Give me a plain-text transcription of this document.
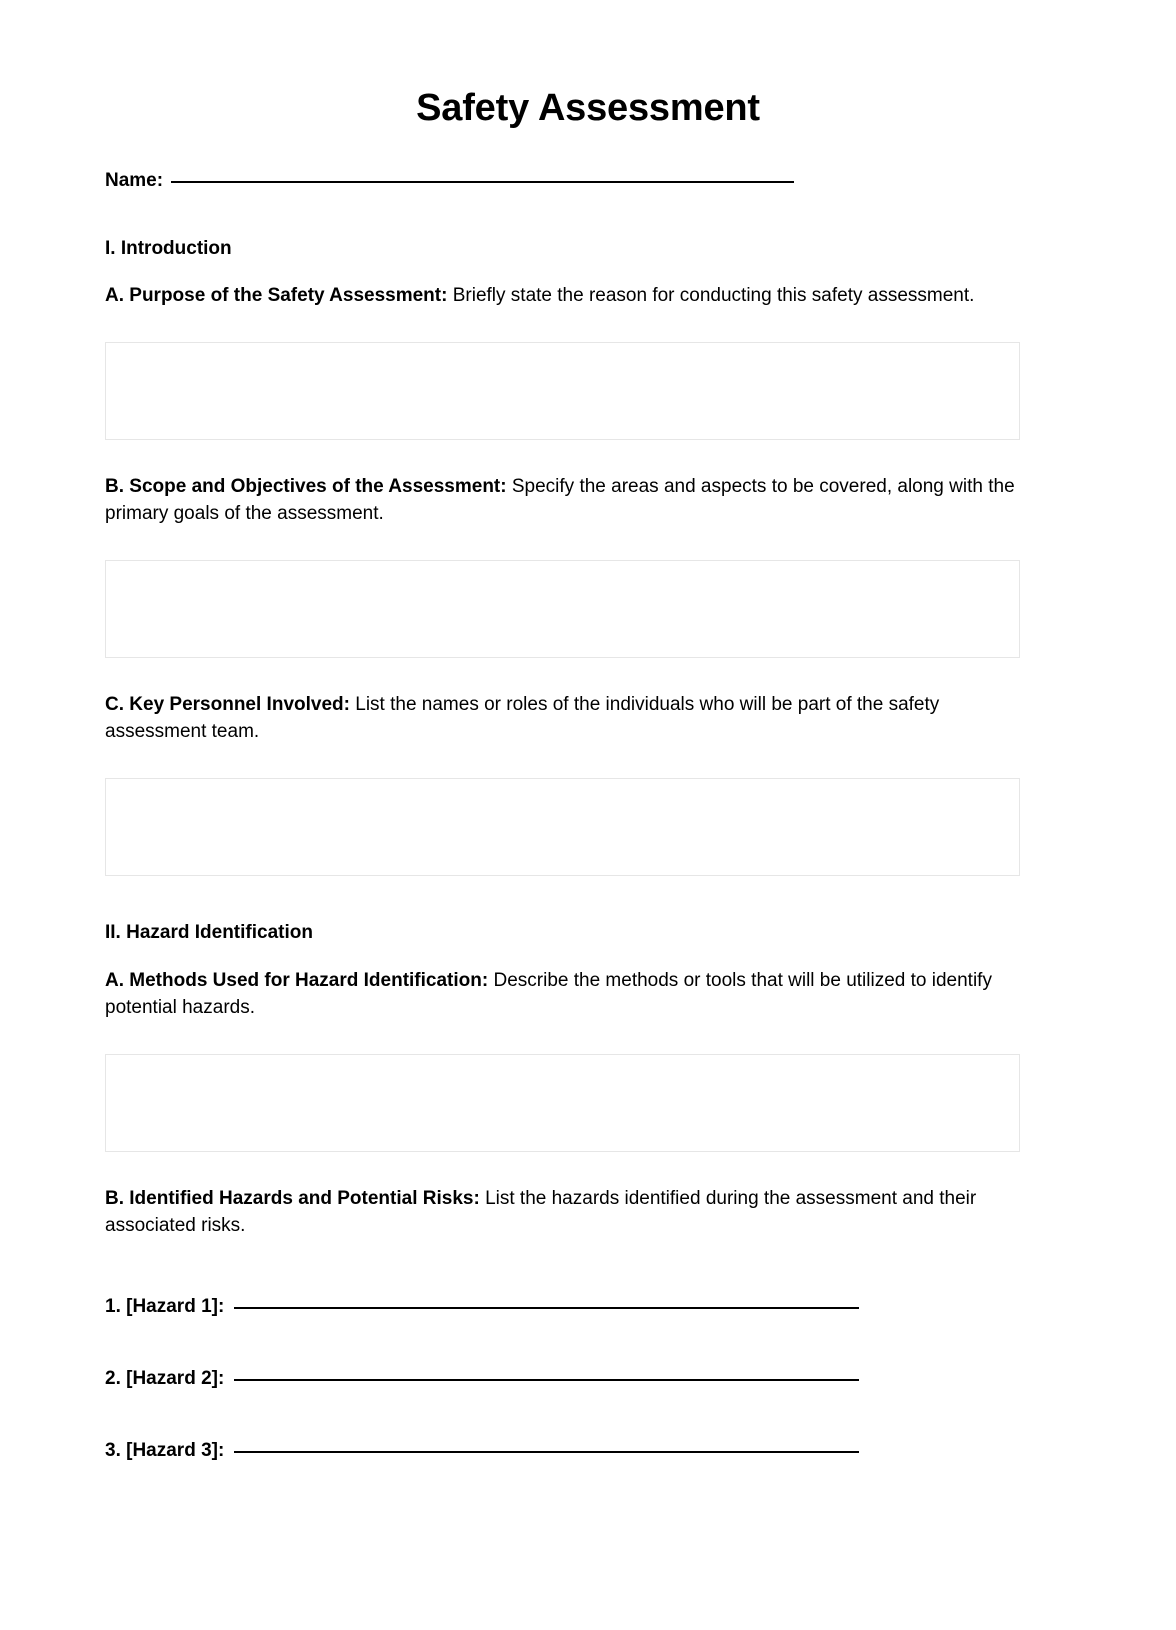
Safety Assessment
Name:
I. Introduction
A. Purpose of the Safety Assessment: Briefly state the reason for conducting this safety assessment.
B. Scope and Objectives of the Assessment: Specify the areas and aspects to be covered, along with the primary goals of the assessment.
C. Key Personnel Involved: List the names or roles of the individuals who will be part of the safety assessment team.
II. Hazard Identification
A. Methods Used for Hazard Identification: Describe the methods or tools that will be utilized to identify potential hazards.
B. Identified Hazards and Potential Risks: List the hazards identified during the assessment and their associated risks.
1. [Hazard 1]:
2. [Hazard 2]:
3. [Hazard 3]:
